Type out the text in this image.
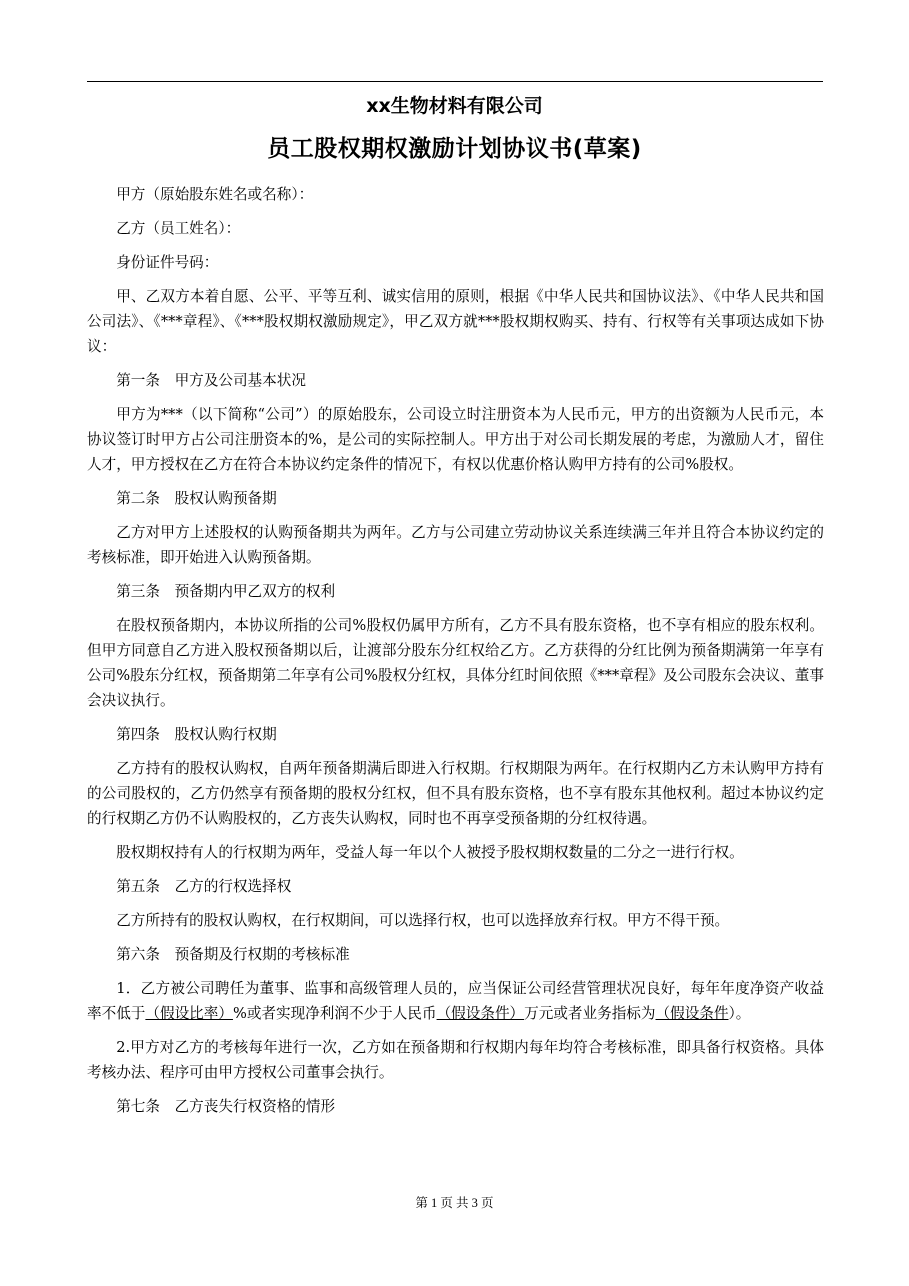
xx生物材料有限公司
员工股权期权激励计划协议书(草案)

甲方（原始股东姓名或名称）：

乙方（员工姓名）：

身份证件号码：

甲、乙双方本着自愿、公平、平等互利、诚实信用的原则，根据《中华人民共和国协议法》、《中华人民共和国公司法》、《***章程》、《***股权期权激励规定》，甲乙双方就***股权期权购买、持有、行权等有关事项达成如下协议：

第一条　甲方及公司基本状况

甲方为***（以下简称“公司”）的原始股东，公司设立时注册资本为人民币元，甲方的出资额为人民币元，本协议签订时甲方占公司注册资本的%，是公司的实际控制人。甲方出于对公司长期发展的考虑，为激励人才，留住人才，甲方授权在乙方在符合本协议约定条件的情况下，有权以优惠价格认购甲方持有的公司%股权。

第二条　股权认购预备期

乙方对甲方上述股权的认购预备期共为两年。乙方与公司建立劳动协议关系连续满三年并且符合本协议约定的考核标准，即开始进入认购预备期。

第三条　预备期内甲乙双方的权利

在股权预备期内，本协议所指的公司%股权仍属甲方所有，乙方不具有股东资格，也不享有相应的股东权利。但甲方同意自乙方进入股权预备期以后，让渡部分股东分红权给乙方。乙方获得的分红比例为预备期满第一年享有公司%股东分红权，预备期第二年享有公司%股权分红权，具体分红时间依照《***章程》及公司股东会决议、董事会决议执行。

第四条　股权认购行权期

乙方持有的股权认购权，自两年预备期满后即进入行权期。行权期限为两年。在行权期内乙方未认购甲方持有的公司股权的，乙方仍然享有预备期的股权分红权，但不具有股东资格，也不享有股东其他权利。超过本协议约定的行权期乙方仍不认购股权的，乙方丧失认购权，同时也不再享受预备期的分红权待遇。

股权期权持有人的行权期为两年，受益人每一年以个人被授予股权期权数量的二分之一进行行权。

第五条　乙方的行权选择权

乙方所持有的股权认购权，在行权期间，可以选择行权，也可以选择放弃行权。甲方不得干预。

第六条　预备期及行权期的考核标准

1．乙方被公司聘任为董事、监事和高级管理人员的，应当保证公司经营管理状况良好，每年年度净资产收益率不低于（假设比率）%或者实现净利润不少于人民币（假设条件）万元或者业务指标为（假设条件）。

2.甲方对乙方的考核每年进行一次，乙方如在预备期和行权期内每年均符合考核标准，即具备行权资格。具体考核办法、程序可由甲方授权公司董事会执行。

第七条　乙方丧失行权资格的情形

第 1 页 共 3 页
